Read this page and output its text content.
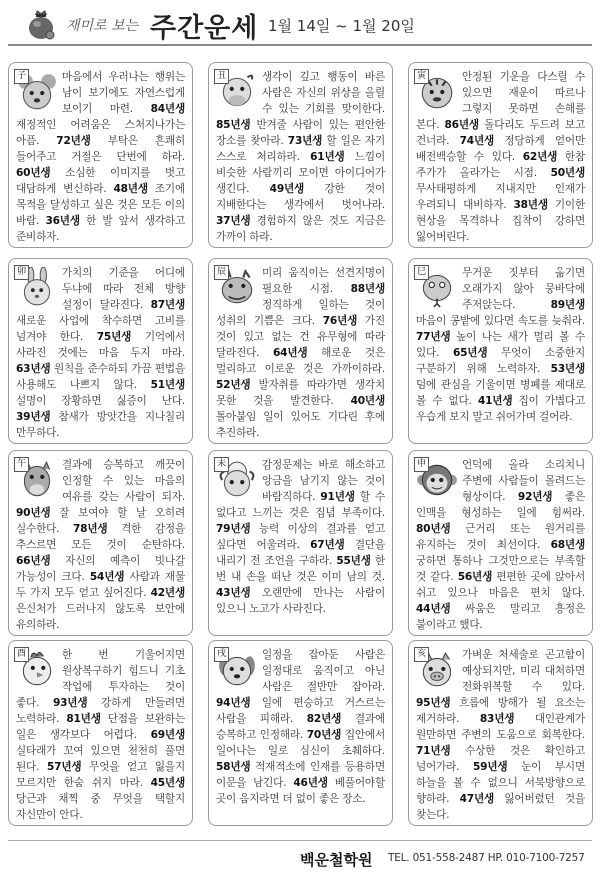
재미로 보는 주간운세 1월 14일 ~ 1월 20일
子	마음에서 우러나는 행위는 남이 보기에도 자연스럽게 보이기 마련. 84년생 재정적인 어려움은 스처지나가는 아픔. 72년생 부탁은 흔쾌히 들어주고 거절은 단번에 하라. 60년생 소심한 이미지를 벗고 대담하게 변신하라. 48년생 조기에 목적을 달성하고 싶은 것은 모든 이의 바람. 36년생 한 발 앞서 생각하고 준비하자.
丑	생각이 깊고 행동이 바른 사람은 자신의 위상을 올릴 수 있는 기회를 맞이한다. 85년생 반겨줄 사람이 있는 편안한 장소를 찾아라. 73년생 할 일은 자기 스스로 처리하라. 61년생 느낌이 비슷한 사람끼리 모이면 아이디어가 생긴다. 49년생 강한 것이 지배한다는 생각에서 벗어나라. 37년생 경험하지 않은 것도 지금은 가까이 하라.
寅	안정된 기운을 다스릴 수 있으면 재운이 따르나 그렇지 못하면 손해를 본다. 86년생 돌다리도 두드려 보고 건너라. 74년생 정당하게 얻어만 배전백승할 수 있다. 62년생 한참 주가가 올라가는 시점. 50년생 무사태평하게 지내지만 인재가 우려되니 대비하자. 38년생 기이한 현상을 목격하나 집착이 강하면 잃어버린다.
卯	가치의 기준을 어디에 두냐에 따라 전체 방향 설정이 달라진다. 87년생 새로운 사업에 착수하면 고비를 넘겨야 한다. 75년생 기억에서 사라진 것에는 마음 두지 마라. 63년생 원칙을 준수하되 가끔 편법을 사용해도 나쁘지 않다. 51년생 설명이 장황하면 싫증이 난다. 39년생 참새가 방앗간을 지나칠리 만무하다.
辰	미리 움직이는 선견지명이 필요한 시점. 88년생 정직하게 일하는 것이 성취의 기쁨은 크다. 76년생 가진 것이 있고 없는 건 유무형에 따라 달라진다. 64년생 해로운 것은 멀리하고 이로운 것은 가까이하라. 52년생 발자취를 따라가면 생각치 못한 것을 발견한다. 40년생 톨아붙임 일이 있어도 기다린 후에 추진하라.
巳	무거운 짓부터 옮기면 오래가지 않아 뭉바닥에 주저앉는다. 89년생 마음이 콩밭에 있다면 속도를 늦춰라. 77년생 높이 나는 새가 멀리 볼 수 있다. 65년생 무엇이 소중한지 구분하기 위해 노력하자. 53년생 덤에 관심을 기울이면 병폐를 제대로 볼 수 없다. 41년생 집이 가볍다고 우습게 보지 말고 쉬어가며 걸어라.
午	결과에 승복하고 깨끗이 인정할 수 있는 마음의 여유를 갖는 사람이 되자. 90년생 잘 보여야 할 날 오히려 실수한다. 78년생 격한 감정을 추스르면 모든 것이 순탄하다. 66년생 자신의 예측이 빗나갈 가능성이 크다. 54년생 사람과 재물 두 가지 모두 얻고 싶어진다. 42년생 은신처가 드러나지 않도록 보안에 유의하라.
未	감정문제는 바로 해소하고 앙금을 남기지 않는 것이 바람직하다. 91년생 할 수 없다고 느끼는 것은 집념 부족이다. 79년생 능력 이상의 결과를 얻고 싶다면 어울려라. 67년생 결단을 내리기 전 조언을 구하라. 55년생 한 번 내 손을 떠난 것은 이미 남의 것. 43년생 오랜만에 만나는 사람이 있으니 노고가 사라진다.
申	언덕에 올라 소리치니 주변에 사람들이 몰려드는 형상이다. 92년생 좋은 인맥을 형성하는 일에 힘써라. 80년생 근거리 또는 원거리를 유지하는 것이 최선이다. 68년생 궁하면 통하나 그것만으로는 부족할 것 같다. 56년생 편편한 곳에 앉아서 쉬고 있으나 마음은 편치 않다. 44년생 싸움은 말리고 흥정은 붙이라고 했다.
酉	한 번 기울어지면 원상복구하기 힘드니 기초 작업에 투자하는 것이 좋다. 93년생 강하게 만들려면 노력하라. 81년생 단점을 보완하는 일은 생각보다 어렵다. 69년생 실타래가 꼬여 있으면 천천히 풀면 된다. 57년생 무엇을 얻고 잃을지 모르지만 한숨 쉬지 마라. 45년생 당근과 채찍 중 무엇을 택할지 자신만이 안다.
戌	일정을 잡아둔 사람은 일정대로 움직이고 아닌 사람은 절반만 잡아라. 94년생 일에 편승하고 거스르는 사람을 피해라. 82년생 결과에 승복하고 인정해라. 70년생 집안에서 일어나는 일로 심신이 초췌하다. 58년생 적재적소에 인재를 등용하면 이문을 남긴다. 46년생 베풀어야할 곳이 음지라면 더 없이 좋은 장소.
亥	가벼운 처세술로 곤고함이 예상되지만, 미리 대처하면 전화위복할 수 있다. 95년생 흐름에 방해가 될 요소는 제거하라. 83년생 대인관계가 원만하면 주변의 도움으로 회복한다. 71년생 수상한 것은 확인하고 넘어가라. 59년생 눈이 부시면 하늘을 볼 수 없으니 서북방향으로 향하라. 47년생 잃어버렸던 것을 찾는다.
백운철학원 TEL. 051-558-2487 HP. 010-7100-7257
